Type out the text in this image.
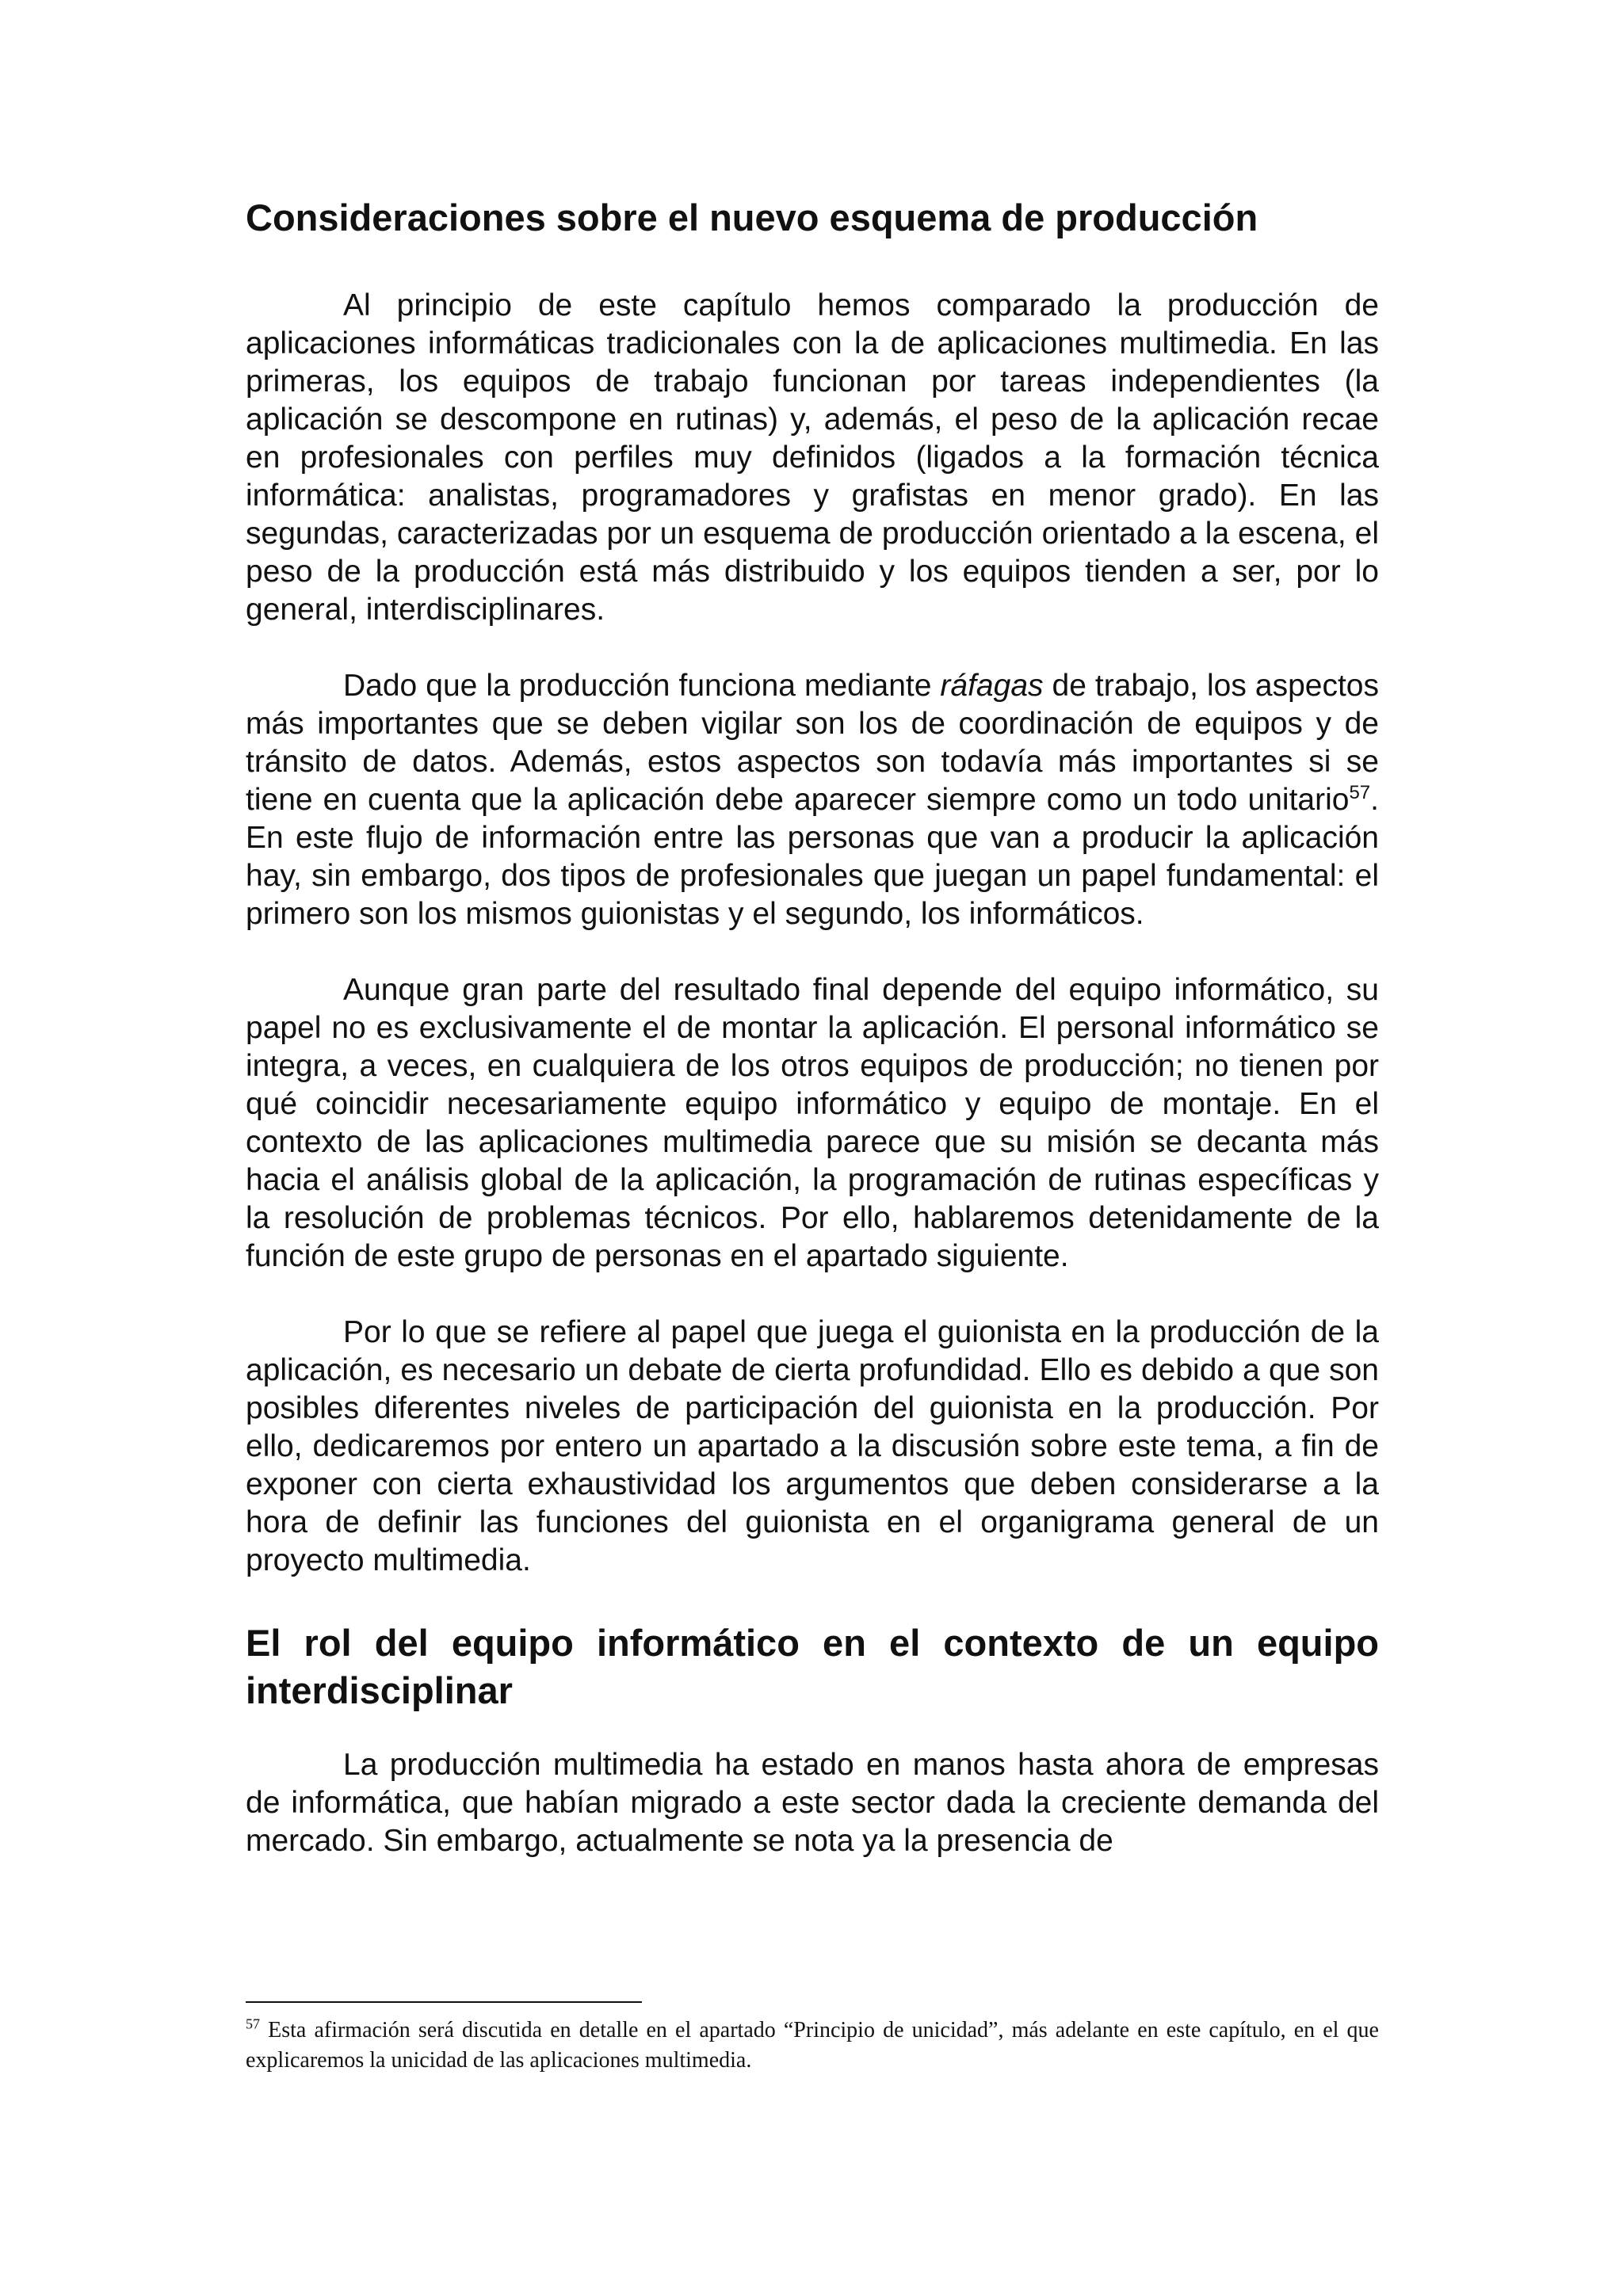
Consideraciones sobre el nuevo esquema de producción

Al principio de este capítulo hemos comparado la producción de aplicaciones informáticas tradicionales con la de aplicaciones multimedia. En las primeras, los equipos de trabajo funcionan por tareas independientes (la aplicación se descompone en rutinas) y, además, el peso de la aplicación recae en profesionales con perfiles muy definidos (ligados a la formación técnica informática: analistas, programadores y grafistas en menor grado). En las segundas, caracterizadas por un esquema de producción orientado a la escena, el peso de la producción está más distribuido y los equipos tienden a ser, por lo general, interdisciplinares.

Dado que la producción funciona mediante ráfagas de trabajo, los aspectos más importantes que se deben vigilar son los de coordinación de equipos y de tránsito de datos. Además, estos aspectos son todavía más importantes si se tiene en cuenta que la aplicación debe aparecer siempre como un todo unitario$^{57}$. En este flujo de información entre las personas que van a producir la aplicación hay, sin embargo, dos tipos de profesionales que juegan un papel fundamental: el primero son los mismos guionistas y el segundo, los informáticos.

Aunque gran parte del resultado final depende del equipo informático, su papel no es exclusivamente el de montar la aplicación. El personal informático se integra, a veces, en cualquiera de los otros equipos de producción; no tienen por qué coincidir necesariamente equipo informático y equipo de montaje. En el contexto de las aplicaciones multimedia parece que su misión se decanta más hacia el análisis global de la aplicación, la programación de rutinas específicas y la resolución de problemas técnicos. Por ello, hablaremos detenidamente de la función de este grupo de personas en el apartado siguiente.

Por lo que se refiere al papel que juega el guionista en la producción de la aplicación, es necesario un debate de cierta profundidad. Ello es debido a que son posibles diferentes niveles de participación del guionista en la producción. Por ello, dedicaremos por entero un apartado a la discusión sobre este tema, a fin de exponer con cierta exhaustividad los argumentos que deben considerarse a la hora de definir las funciones del guionista en el organigrama general de un proyecto multimedia.

El rol del equipo informático en el contexto de un equipo interdisciplinar

La producción multimedia ha estado en manos hasta ahora de empresas de informática, que habían migrado a este sector dada la creciente demanda del mercado. Sin embargo, actualmente se nota ya la presencia de

$^{57}$ Esta afirmación será discutida en detalle en el apartado “Principio de unicidad”, más adelante en este capítulo, en el que explicaremos la unicidad de las aplicaciones multimedia.
